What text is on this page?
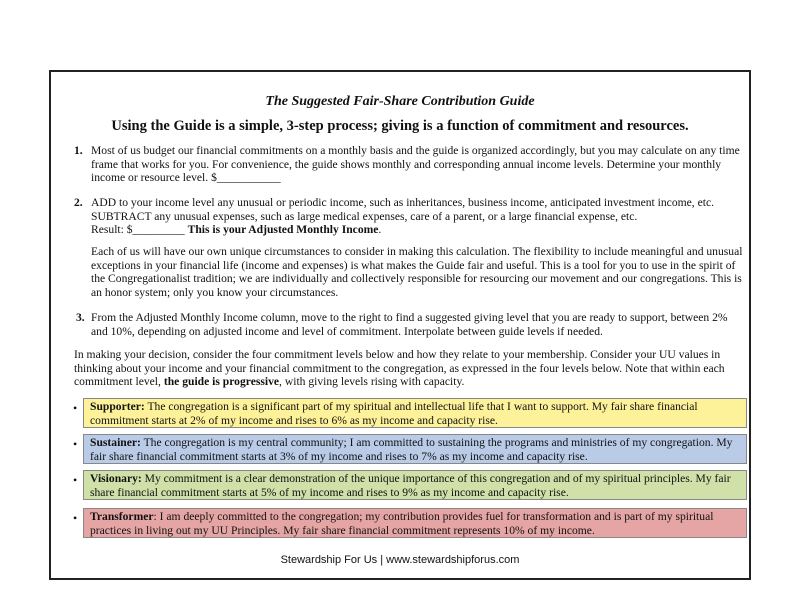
The Suggested Fair-Share Contribution Guide
Using the Guide is a simple, 3-step process; giving is a function of commitment and resources.
1. Most of us budget our financial commitments on a monthly basis and the guide is organized accordingly, but you may calculate on any time frame that works for you. For convenience, the guide shows monthly and corresponding annual income levels. Determine your monthly income or resource level. $___________
2. ADD to your income level any unusual or periodic income, such as inheritances, business income, anticipated investment income, etc. SUBTRACT any unusual expenses, such as large medical expenses, care of a parent, or a large financial expense, etc.
Result: $_________ This is your Adjusted Monthly Income.
Each of us will have our own unique circumstances to consider in making this calculation. The flexibility to include meaningful and unusual exceptions in your financial life (income and expenses) is what makes the Guide fair and useful. This is a tool for you to use in the spirit of the Congregationalist tradition; we are individually and collectively responsible for resourcing our movement and our congregations. This is an honor system; only you know your circumstances.
3. From the Adjusted Monthly Income column, move to the right to find a suggested giving level that you are ready to support, between 2% and 10%, depending on adjusted income and level of commitment. Interpolate between guide levels if needed.
In making your decision, consider the four commitment levels below and how they relate to your membership. Consider your UU values in thinking about your income and your financial commitment to the congregation, as expressed in the four levels below. Note that within each commitment level, the guide is progressive, with giving levels rising with capacity.
•	Supporter: The congregation is a significant part of my spiritual and intellectual life that I want to support. My fair share financial commitment starts at 2% of my income and rises to 6% as my income and capacity rise.
•	Sustainer: The congregation is my central community; I am committed to sustaining the programs and ministries of my congregation. My fair share financial commitment starts at 3% of my income and rises to 7% as my income and capacity rise.
•	Visionary: My commitment is a clear demonstration of the unique importance of this congregation and of my spiritual principles. My fair share financial commitment starts at 5% of my income and rises to 9% as my income and capacity rise.
•	Transformer: I am deeply committed to the congregation; my contribution provides fuel for transformation and is part of my spiritual practices in living out my UU Principles. My fair share financial commitment represents 10% of my income.
Stewardship For Us | www.stewardshipforus.com
